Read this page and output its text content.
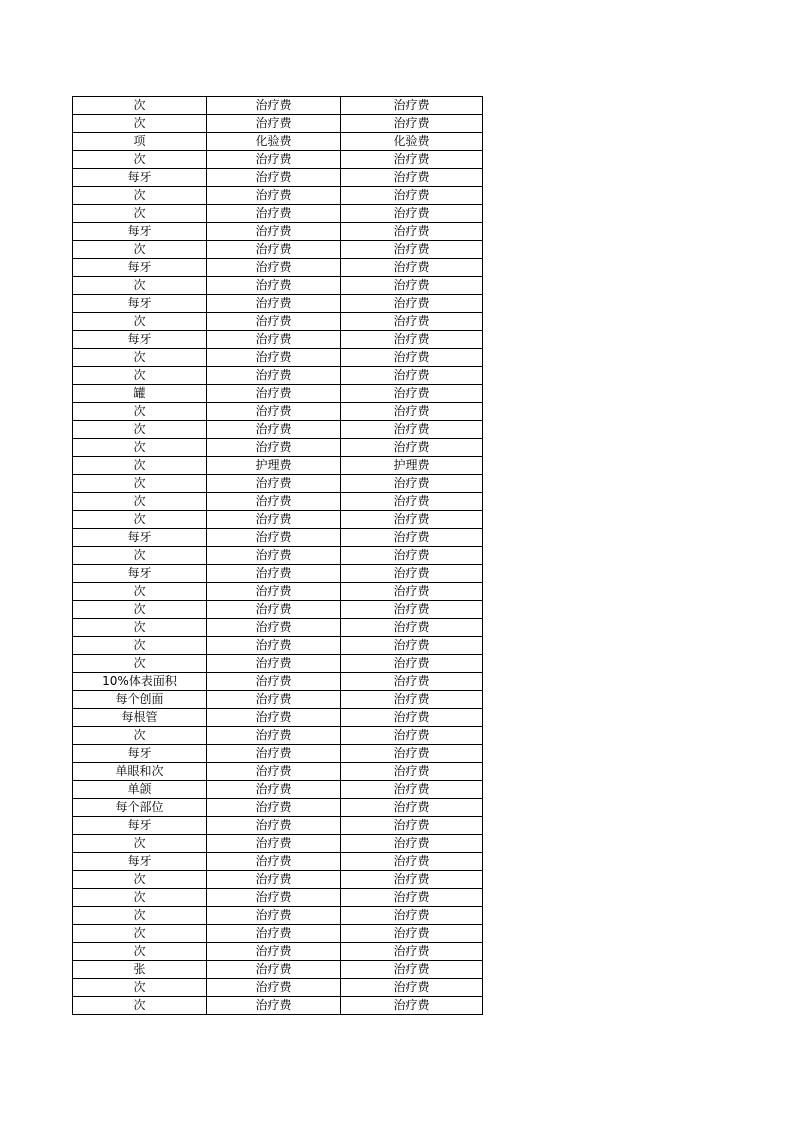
次	治疗费	治疗费
次	治疗费	治疗费
项	化验费	化验费
次	治疗费	治疗费
每牙	治疗费	治疗费
次	治疗费	治疗费
次	治疗费	治疗费
每牙	治疗费	治疗费
次	治疗费	治疗费
每牙	治疗费	治疗费
次	治疗费	治疗费
每牙	治疗费	治疗费
次	治疗费	治疗费
每牙	治疗费	治疗费
次	治疗费	治疗费
次	治疗费	治疗费
罐	治疗费	治疗费
次	治疗费	治疗费
次	治疗费	治疗费
次	治疗费	治疗费
次	护理费	护理费
次	治疗费	治疗费
次	治疗费	治疗费
次	治疗费	治疗费
每牙	治疗费	治疗费
次	治疗费	治疗费
每牙	治疗费	治疗费
次	治疗费	治疗费
次	治疗费	治疗费
次	治疗费	治疗费
次	治疗费	治疗费
次	治疗费	治疗费
10%体表面积	治疗费	治疗费
每个创面	治疗费	治疗费
每根管	治疗费	治疗费
次	治疗费	治疗费
每牙	治疗费	治疗费
单眼和次	治疗费	治疗费
单颌	治疗费	治疗费
每个部位	治疗费	治疗费
每牙	治疗费	治疗费
次	治疗费	治疗费
每牙	治疗费	治疗费
次	治疗费	治疗费
次	治疗费	治疗费
次	治疗费	治疗费
次	治疗费	治疗费
次	治疗费	治疗费
张	治疗费	治疗费
次	治疗费	治疗费
次	治疗费	治疗费
